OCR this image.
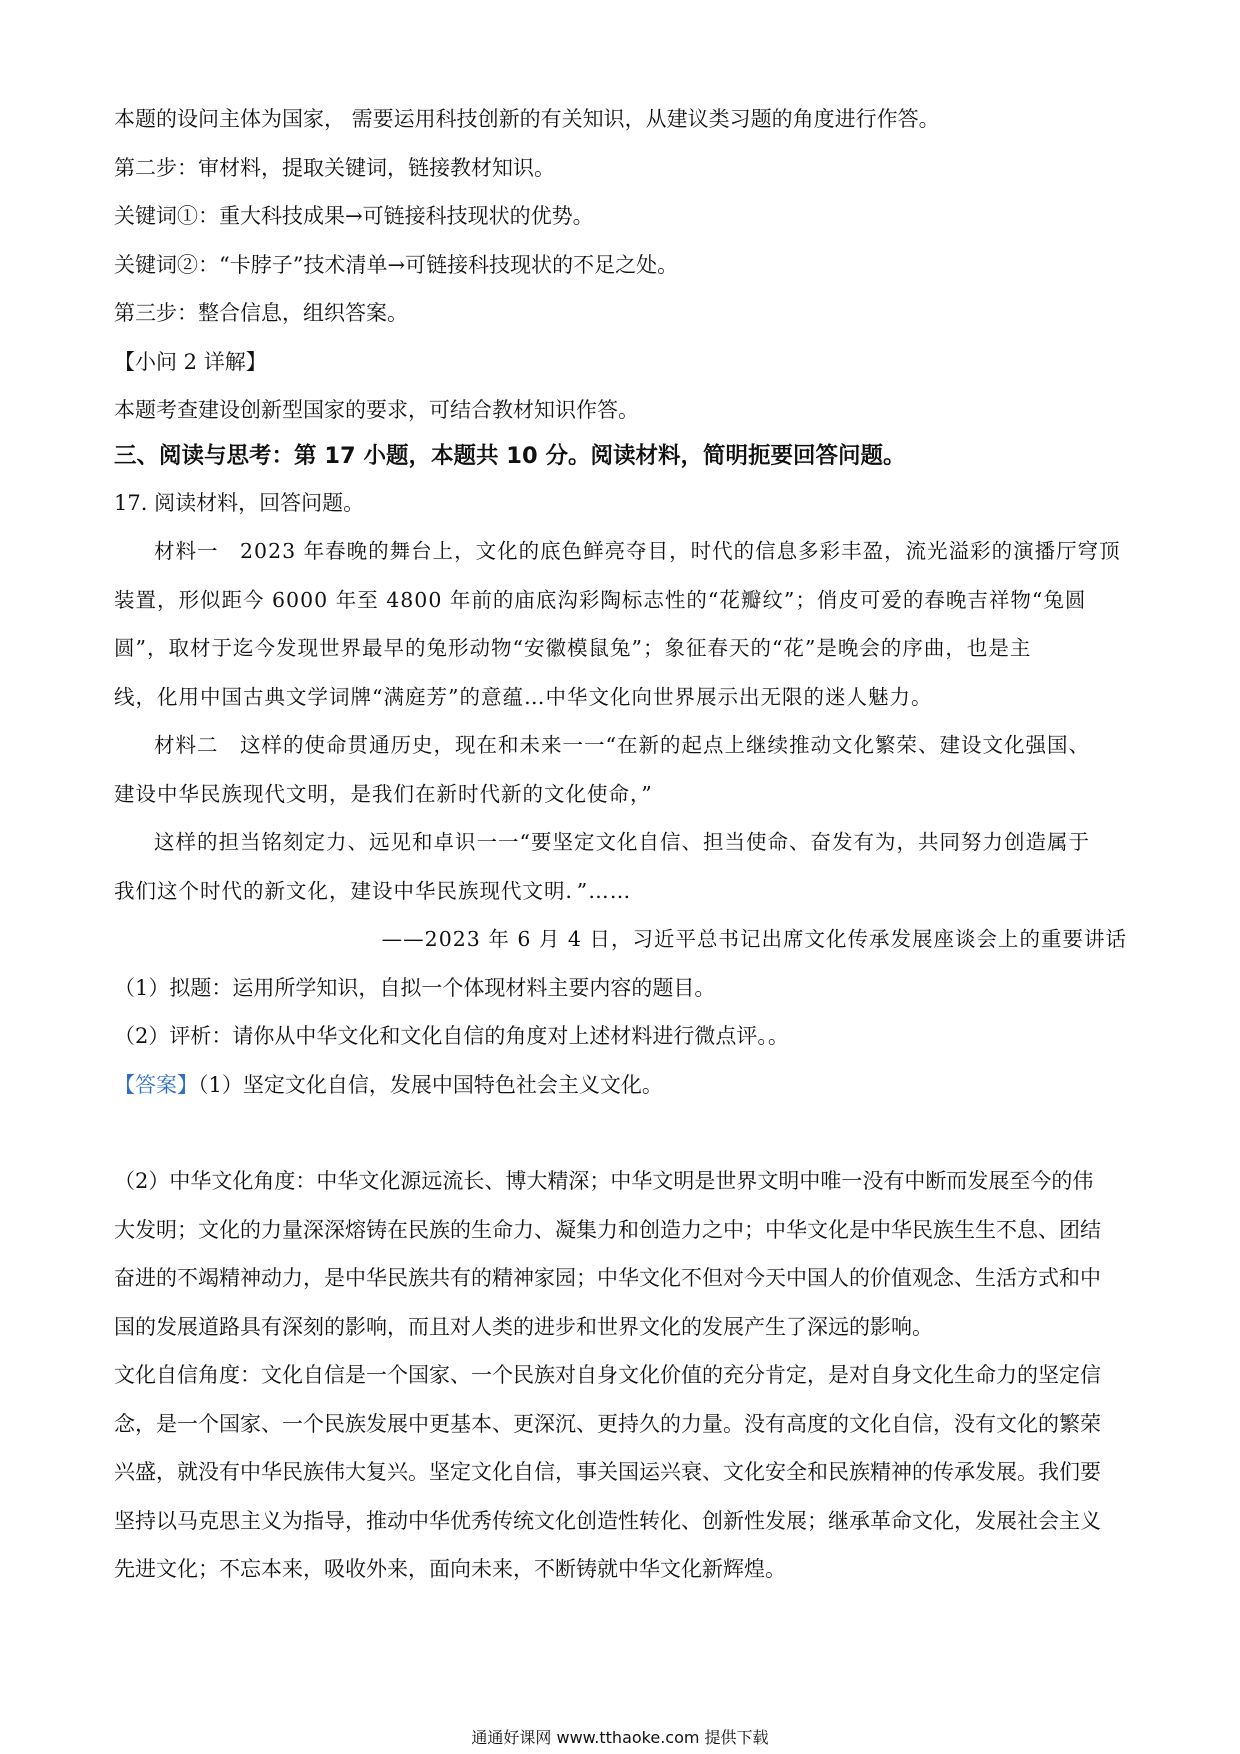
本题的设问主体为国家， 需要运用科技创新的有关知识，从建议类习题的角度进行作答。

第二步：审材料，提取关键词，链接教材知识。

关键词①：重大科技成果→可链接科技现状的优势。

关键词②：“卡脖子”技术清单→可链接科技现状的不足之处。

第三步：整合信息，组织答案。

【小问 2 详解】

本题考查建设创新型国家的要求，可结合教材知识作答。

三、阅读与思考：第 17 小题，本题共 10 分。阅读材料，简明扼要回答问题。

17. 阅读材料，回答问题。

材料一　2023 年春晚的舞台上，文化的底色鲜亮夺目，时代的信息多彩丰盈，流光溢彩的演播厅穹顶

装置，形似距今 6000 年至 4800 年前的庙底沟彩陶标志性的“花瓣纹”；俏皮可爱的春晚吉祥物“兔圆

圆”，取材于迄今发现世界最早的兔形动物“安徽模鼠兔”；象征春天的“花”是晚会的序曲，也是主

线，化用中国古典文学词牌“满庭芳”的意蕴…中华文化向世界展示出无限的迷人魅力。

材料二　这样的使命贯通历史，现在和未来一一“在新的起点上继续推动文化繁荣、建设文化强国、

建设中华民族现代文明，是我们在新时代新的文化使命，”

这样的担当铭刻定力、远见和卓识一一“要坚定文化自信、担当使命、奋发有为，共同努力创造属于

我们这个时代的新文化，建设中华民族现代文明．”……

——2023 年 6 月 4 日，习近平总书记出席文化传承发展座谈会上的重要讲话

（1）拟题：运用所学知识，自拟一个体现材料主要内容的题目。

（2）评析：请你从中华文化和文化自信的角度对上述材料进行微点评。。

【答案】（1）坚定文化自信，发展中国特色社会主义文化。

（2）中华文化角度：中华文化源远流长、博大精深；中华文明是世界文明中唯一没有中断而发展至今的伟

大发明；文化的力量深深熔铸在民族的生命力、凝集力和创造力之中；中华文化是中华民族生生不息、团结

奋进的不竭精神动力，是中华民族共有的精神家园；中华文化不但对今天中国人的价值观念、生活方式和中

国的发展道路具有深刻的影响，而且对人类的进步和世界文化的发展产生了深远的影响。

文化自信角度：文化自信是一个国家、一个民族对自身文化价值的充分肯定，是对自身文化生命力的坚定信

念，是一个国家、一个民族发展中更基本、更深沉、更持久的力量。没有高度的文化自信，没有文化的繁荣

兴盛，就没有中华民族伟大复兴。坚定文化自信，事关国运兴衰、文化安全和民族精神的传承发展。我们要

坚持以马克思主义为指导，推动中华优秀传统文化创造性转化、创新性发展；继承革命文化，发展社会主义

先进文化；不忘本来，吸收外来，面向未来，不断铸就中华文化新辉煌。

通通好课网 www.tthaoke.com 提供下载
